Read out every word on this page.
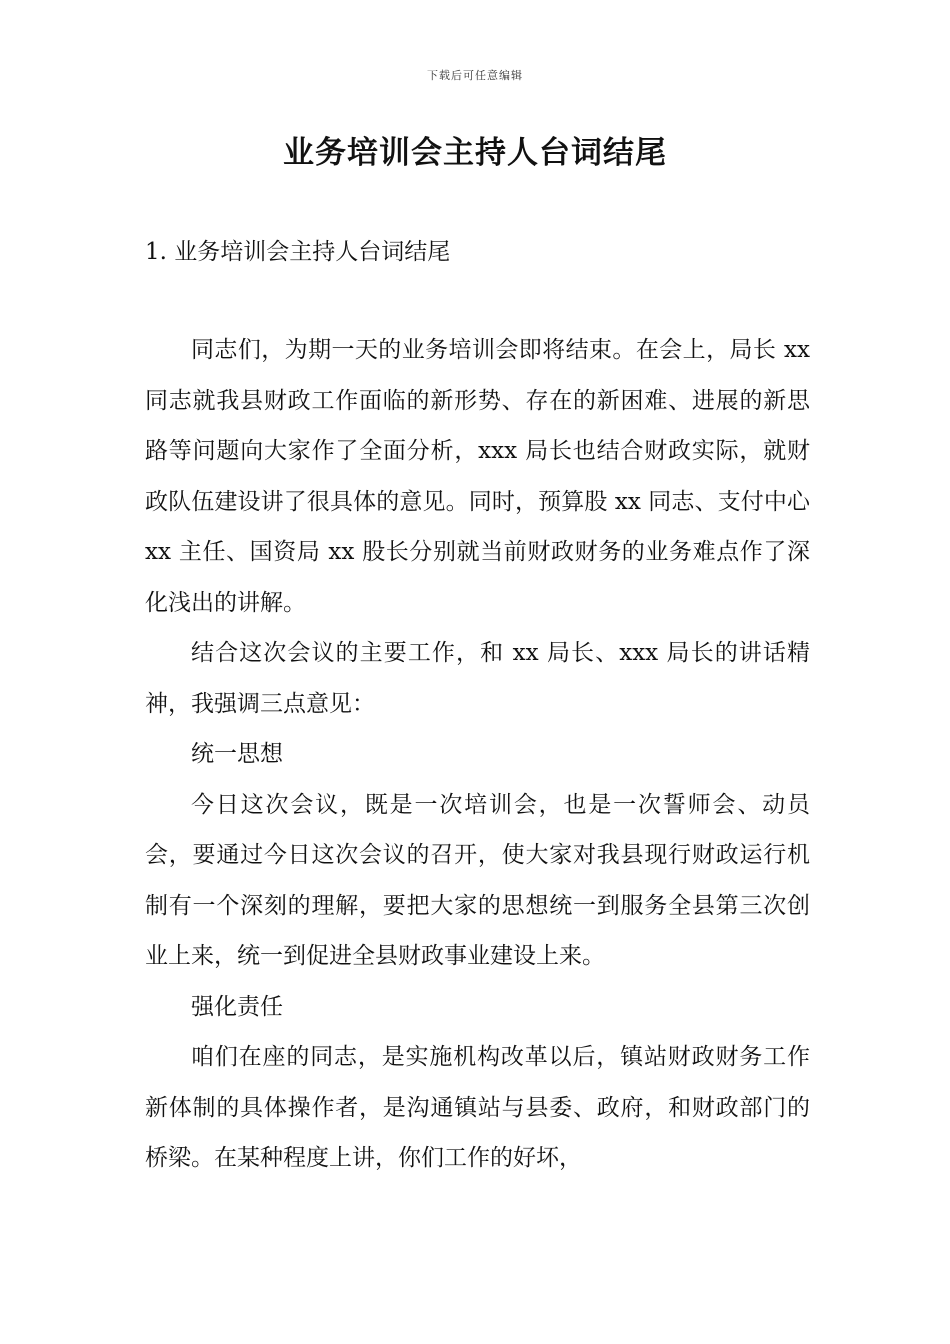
下载后可任意编辑
业务培训会主持人台词结尾
1. 业务培训会主持人台词结尾

同志们，为期一天的业务培训会即将结束。在会上，局长 xx 同志就我县财政工作面临的新形势、存在的新困难、进展的新思路等问题向大家作了全面分析，xxx 局长也结合财政实际，就财政队伍建设讲了很具体的意见。同时，预算股 xx 同志、支付中心 xx 主任、国资局 xx 股长分别就当前财政财务的业务难点作了深化浅出的讲解。

结合这次会议的主要工作，和 xx 局长、xxx 局长的讲话精神，我强调三点意见：

统一思想

今日这次会议，既是一次培训会，也是一次誓师会、动员会，要通过今日这次会议的召开，使大家对我县现行财政运行机制有一个深刻的理解，要把大家的思想统一到服务全县第三次创业上来，统一到促进全县财政事业建设上来。

强化责任

咱们在座的同志，是实施机构改革以后，镇站财政财务工作新体制的具体操作者，是沟通镇站与县委、政府，和财政部门的桥梁。在某种程度上讲，你们工作的好坏，
